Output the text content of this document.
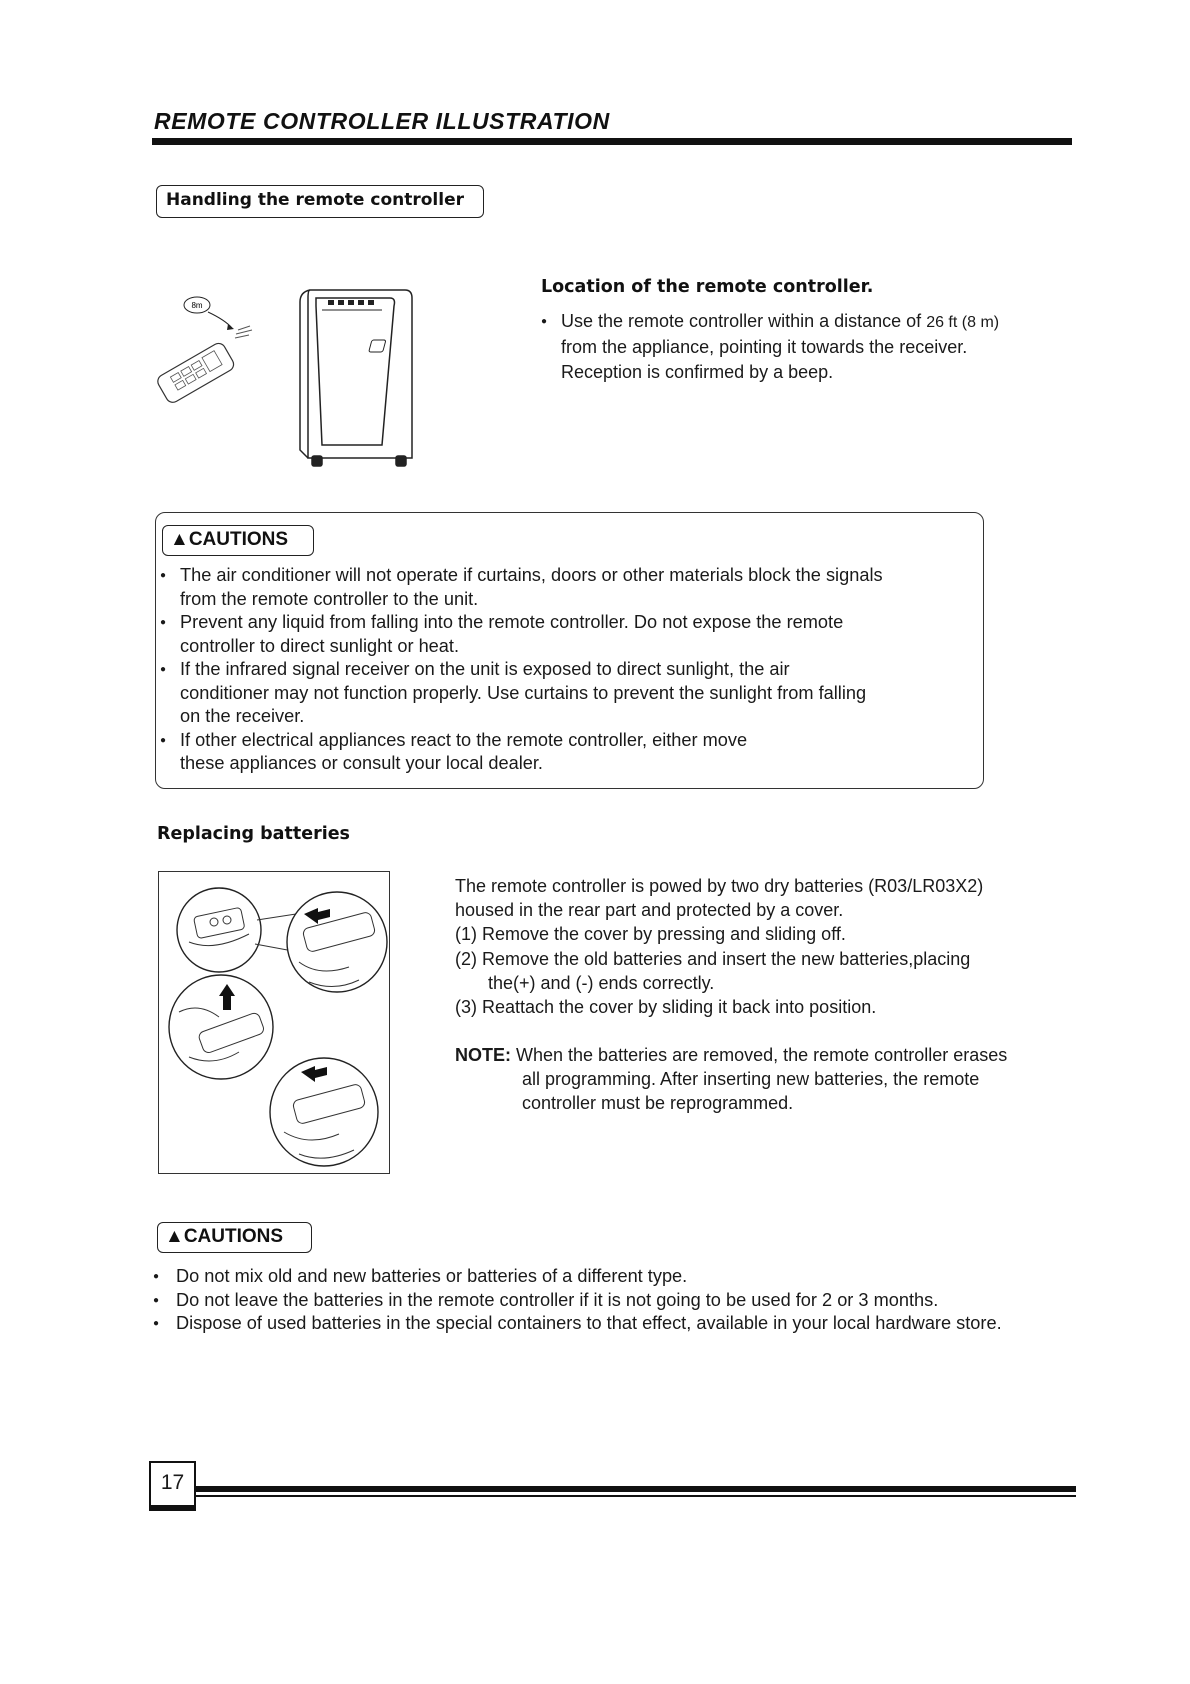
REMOTE CONTROLLER ILLUSTRATION
Handling the remote controller
8m
Location of the remote controller.
● Use the remote controller within a distance of 26 ft (8 m)
from the appliance, pointing it towards the receiver.
Reception is confirmed by a beep.
▲CAUTIONS
● The air conditioner will not operate if curtains, doors or other materials block the signals
from the remote controller to the unit.
● Prevent any liquid from falling into the remote controller. Do not expose the remote
controller to direct sunlight or heat.
● If the infrared signal receiver on the unit is exposed to direct sunlight, the air
conditioner may not function properly. Use curtains to prevent the sunlight from falling
on the receiver.
● If other electrical appliances react to the remote controller, either move
these appliances or consult your local dealer.
Replacing batteries

The remote controller is powed by two dry batteries (R03/LR03X2)

housed in the rear part and protected by a cover.

(1) Remove the cover by pressing and sliding off.

(2) Remove the old batteries and insert the new batteries,placing

the(+) and (-) ends correctly.

(3) Reattach the cover by sliding it back into position.

NOTE: When the batteries are removed, the remote controller erases
all programming. After inserting new batteries, the remote
controller must be reprogrammed.
▲CAUTIONS
● Do not mix old and new batteries or batteries of a different type.
● Do not leave the batteries in the remote controller if it is not going to be used for 2 or 3 months.
● Dispose of used batteries in the special containers to that effect, available in your local hardware store.
17
